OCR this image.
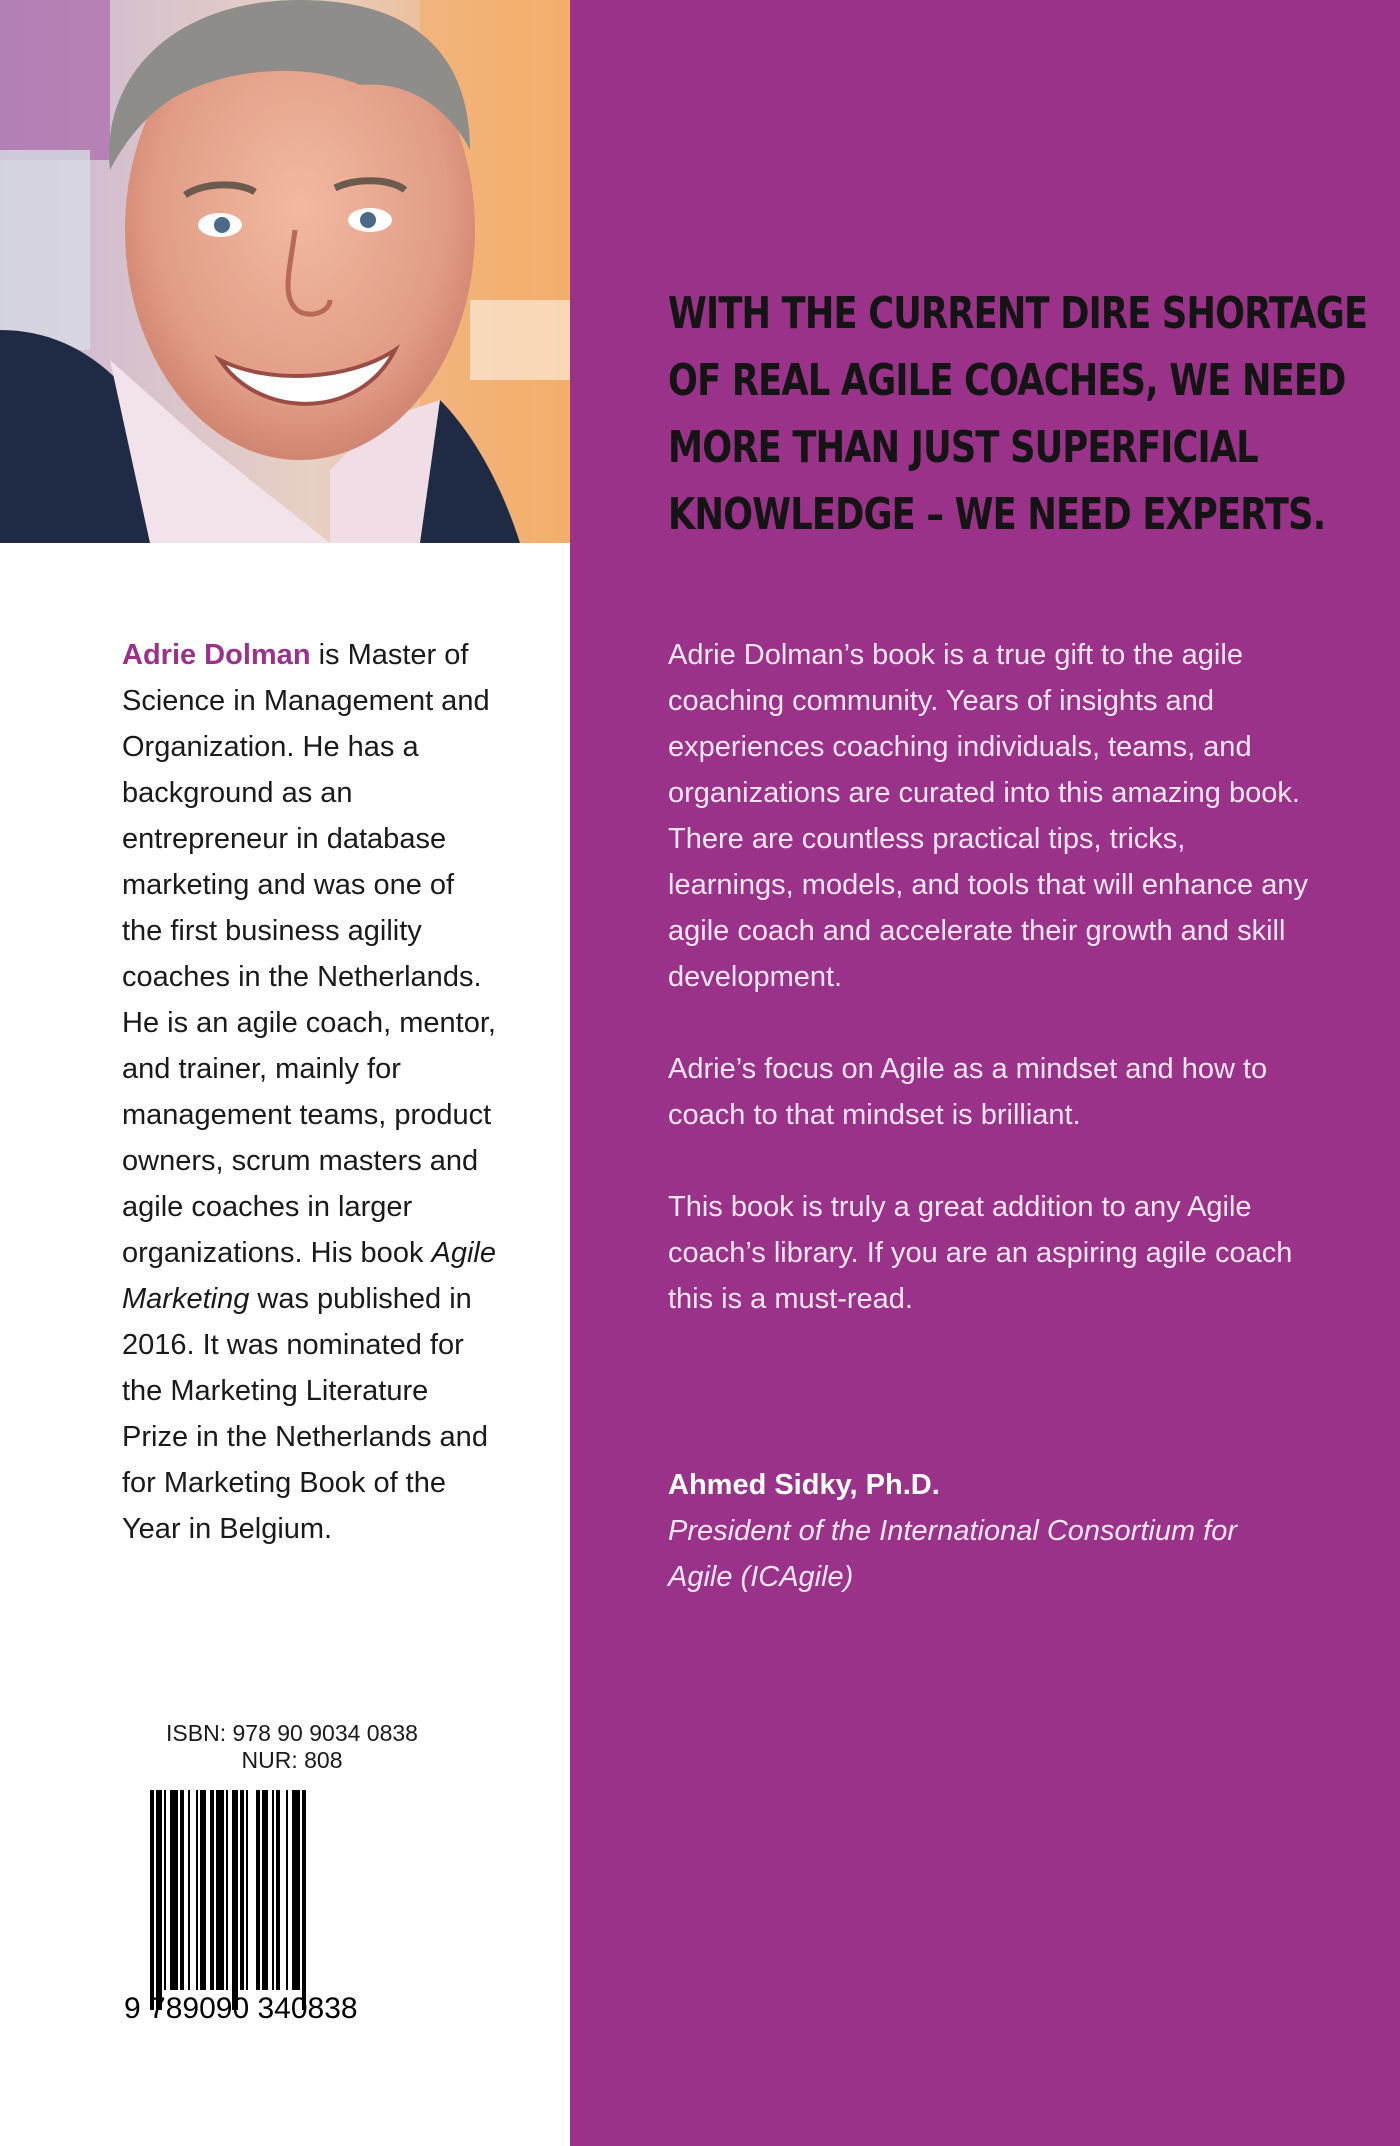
Adrie Dolman is Master of Science in Management and Organization. He has a background as an entrepreneur in database marketing and was one of the first business agility coaches in the Netherlands. He is an agile coach, mentor, and trainer, mainly for management teams, product owners, scrum masters and agile coaches in larger organizations. His book Agile Marketing was published in 2016. It was nominated for the Marketing Literature Prize in the Netherlands and for Marketing Book of the Year in Belgium.
ISBN: 978 90 9034 0838
NUR: 808
9 789090 340838
WITH THE CURRENT DIRE SHORTAGE
OF REAL AGILE COACHES, WE NEED
MORE THAN JUST SUPERFICIAL
KNOWLEDGE – WE NEED EXPERTS.

Adrie Dolman’s book is a true gift to the agile coaching community. Years of insights and experiences coaching individuals, teams, and organizations are curated into this amazing book. There are countless practical tips, tricks, learnings, models, and tools that will enhance any agile coach and accelerate their growth and skill development.

Adrie’s focus on Agile as a mindset and how to coach to that mindset is brilliant.

This book is truly a great addition to any Agile coach’s library. If you are an aspiring agile coach this is a must-read.

Ahmed Sidky, Ph.D.
President of the International Consortium for Agile (ICAgile)
